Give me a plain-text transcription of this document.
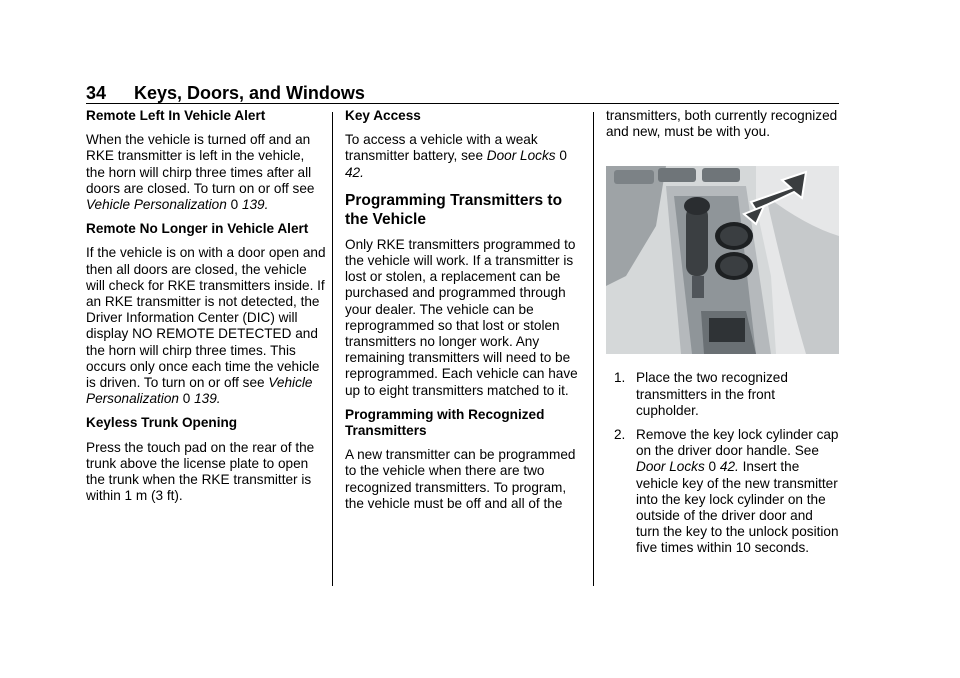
34 Keys, Doors, and Windows
Remote Left In Vehicle Alert

When the vehicle is turned off and an RKE transmitter is left in the vehicle, the horn will chirp three times after all doors are closed. To turn on or off see Vehicle Personalization 0 139.

Remote No Longer in Vehicle Alert

If the vehicle is on with a door open and then all doors are closed, the vehicle will check for RKE transmitters inside. If an RKE transmitter is not detected, the Driver Information Center (DIC) will display NO REMOTE DETECTED and the horn will chirp three times. This occurs only once each time the vehicle is driven. To turn on or off see Vehicle Personalization 0 139.

Keyless Trunk Opening

Press the touch pad on the rear of the trunk above the license plate to open the trunk when the RKE transmitter is within 1 m (3 ft).

Key Access

To access a vehicle with a weak transmitter battery, see Door Locks 0 42.

Programming Transmitters to the Vehicle

Only RKE transmitters programmed to the vehicle will work. If a transmitter is lost or stolen, a replacement can be purchased and programmed through your dealer. The vehicle can be reprogrammed so that lost or stolen transmitters no longer work. Any remaining transmitters will need to be reprogrammed. Each vehicle can have up to eight transmitters matched to it.

Programming with Recognized Transmitters

A new transmitter can be programmed to the vehicle when there are two recognized transmitters. To program, the vehicle must be off and all of the

transmitters, both currently recognized and new, must be with you.

1. Place the two recognized transmitters in the front cupholder.
2. Remove the key lock cylinder cap on the driver door handle. See Door Locks 0 42. Insert the vehicle key of the new transmitter into the key lock cylinder on the outside of the driver door and turn the key to the unlock position five times within 10 seconds.
